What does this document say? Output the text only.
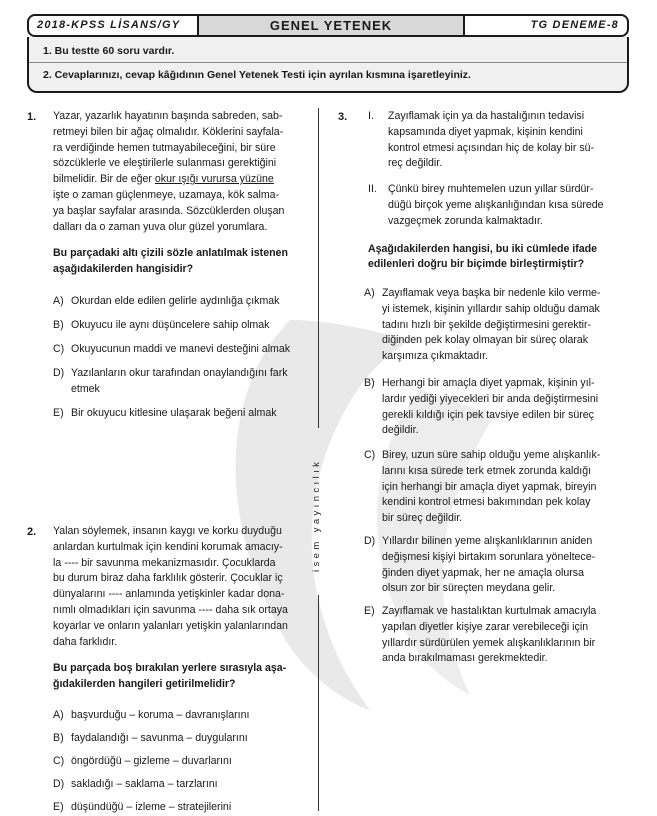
2018-KPSS LİSANS/GY	GENEL YETENEK	TG DENEME-8
1. Bu testte 60 soru vardır.
2. Cevaplarınızı, cevap kâğıdının Genel Yetenek Testi için ayrılan kısmına işaretleyiniz.
isem yayıncılık
1. Yazar, yazarlık hayatının başında sabreden, sab-
retmeyi bilen bir ağaç olmalıdır. Köklerini sayfala-
ra verdiğinde hemen tutmayabileceğini, bir süre
sözcüklerle ve eleştirilerle sulanması gerektiğini
bilmelidir. Bir de eğer okur ışığı vurursa yüzüne
işte o zaman güçlenmeye, uzamaya, kök salma-
ya başlar sayfalar arasında. Sözcüklerden oluşan
dalları da o zaman yuva olur güzel yorumlara.
Bu parçadaki altı çizili sözle anlatılmak istenen
aşağıdakilerden hangisidir?
A) Okurdan elde edilen gelirle aydınlığa çıkmak
B) Okuyucu ile aynı düşüncelere sahip olmak
C) Okuyucunun maddi ve manevi desteğini almak
D) Yazılanların okur tarafından onaylandığını fark
etmek
E) Bir okuyucu kitlesine ulaşarak beğeni almak
2. Yalan söylemek, insanın kaygı ve korku duyduğu
anlardan kurtulmak için kendini korumak amacıy-
la ---- bir savunma mekanizmasıdır. Çocuklarda
bu durum biraz daha farklılık gösterir. Çocuklar iç
dünyalarını ---- anlamında yetişkinler kadar dona-
nımlı olmadıkları için savunma ---- daha sık ortaya
koyarlar ve onların yalanları yetişkin yalanlarından
daha farklıdır.
Bu parçada boş bırakılan yerlere sırasıyla aşa-
ğıdakilerden hangileri getirilmelidir?
A) başvurduğu – koruma – davranışlarını
B) faydalandığı – savunma – duygularını
C) öngördüğü – gizleme – duvarlarını
D) sakladığı – saklama – tarzlarını
E) düşündüğü – izleme – stratejilerini
3. I. Zayıflamak için ya da hastalığının tedavisi
kapsamında diyet yapmak, kişinin kendini
kontrol etmesi açısından hiç de kolay bir sü-
reç değildir.
II. Çünkü birey muhtemelen uzun yıllar sürdür-
düğü birçok yeme alışkanlığından kısa sürede
vazgeçmek zorunda kalmaktadır.
Aşağıdakilerden hangisi, bu iki cümlede ifade
edilenleri doğru bir biçimde birleştirmiştir?
A) Zayıflamak veya başka bir nedenle kilo verme-
yi istemek, kişinin yıllardır sahip olduğu damak
tadını hızlı bir şekilde değiştirmesini gerektir-
diğinden pek kolay olmayan bir süreç olarak
karşımıza çıkmaktadır.
B) Herhangi bir amaçla diyet yapmak, kişinin yıl-
lardır yediği yiyecekleri bir anda değiştirmesini
gerekli kıldığı için pek tavsiye edilen bir süreç
değildir.
C) Birey, uzun süre sahip olduğu yeme alışkanlık-
larını kısa sürede terk etmek zorunda kaldığı
için herhangi bir amaçla diyet yapmak, bireyin
kendini kontrol etmesi bakımından pek kolay
bir süreç değildir.
D) Yıllardır bilinen yeme alışkanlıklarının aniden
değişmesi kişiyi birtakım sorunlara yöneltece-
ğinden diyet yapmak, her ne amaçla olursa
olsun zor bir süreçten meydana gelir.
E) Zayıflamak ve hastalıktan kurtulmak amacıyla
yapılan diyetler kişiye zarar verebileceği için
yıllardır sürdürülen yemek alışkanlıklarının bir
anda bırakılmaması gerekmektedir.
